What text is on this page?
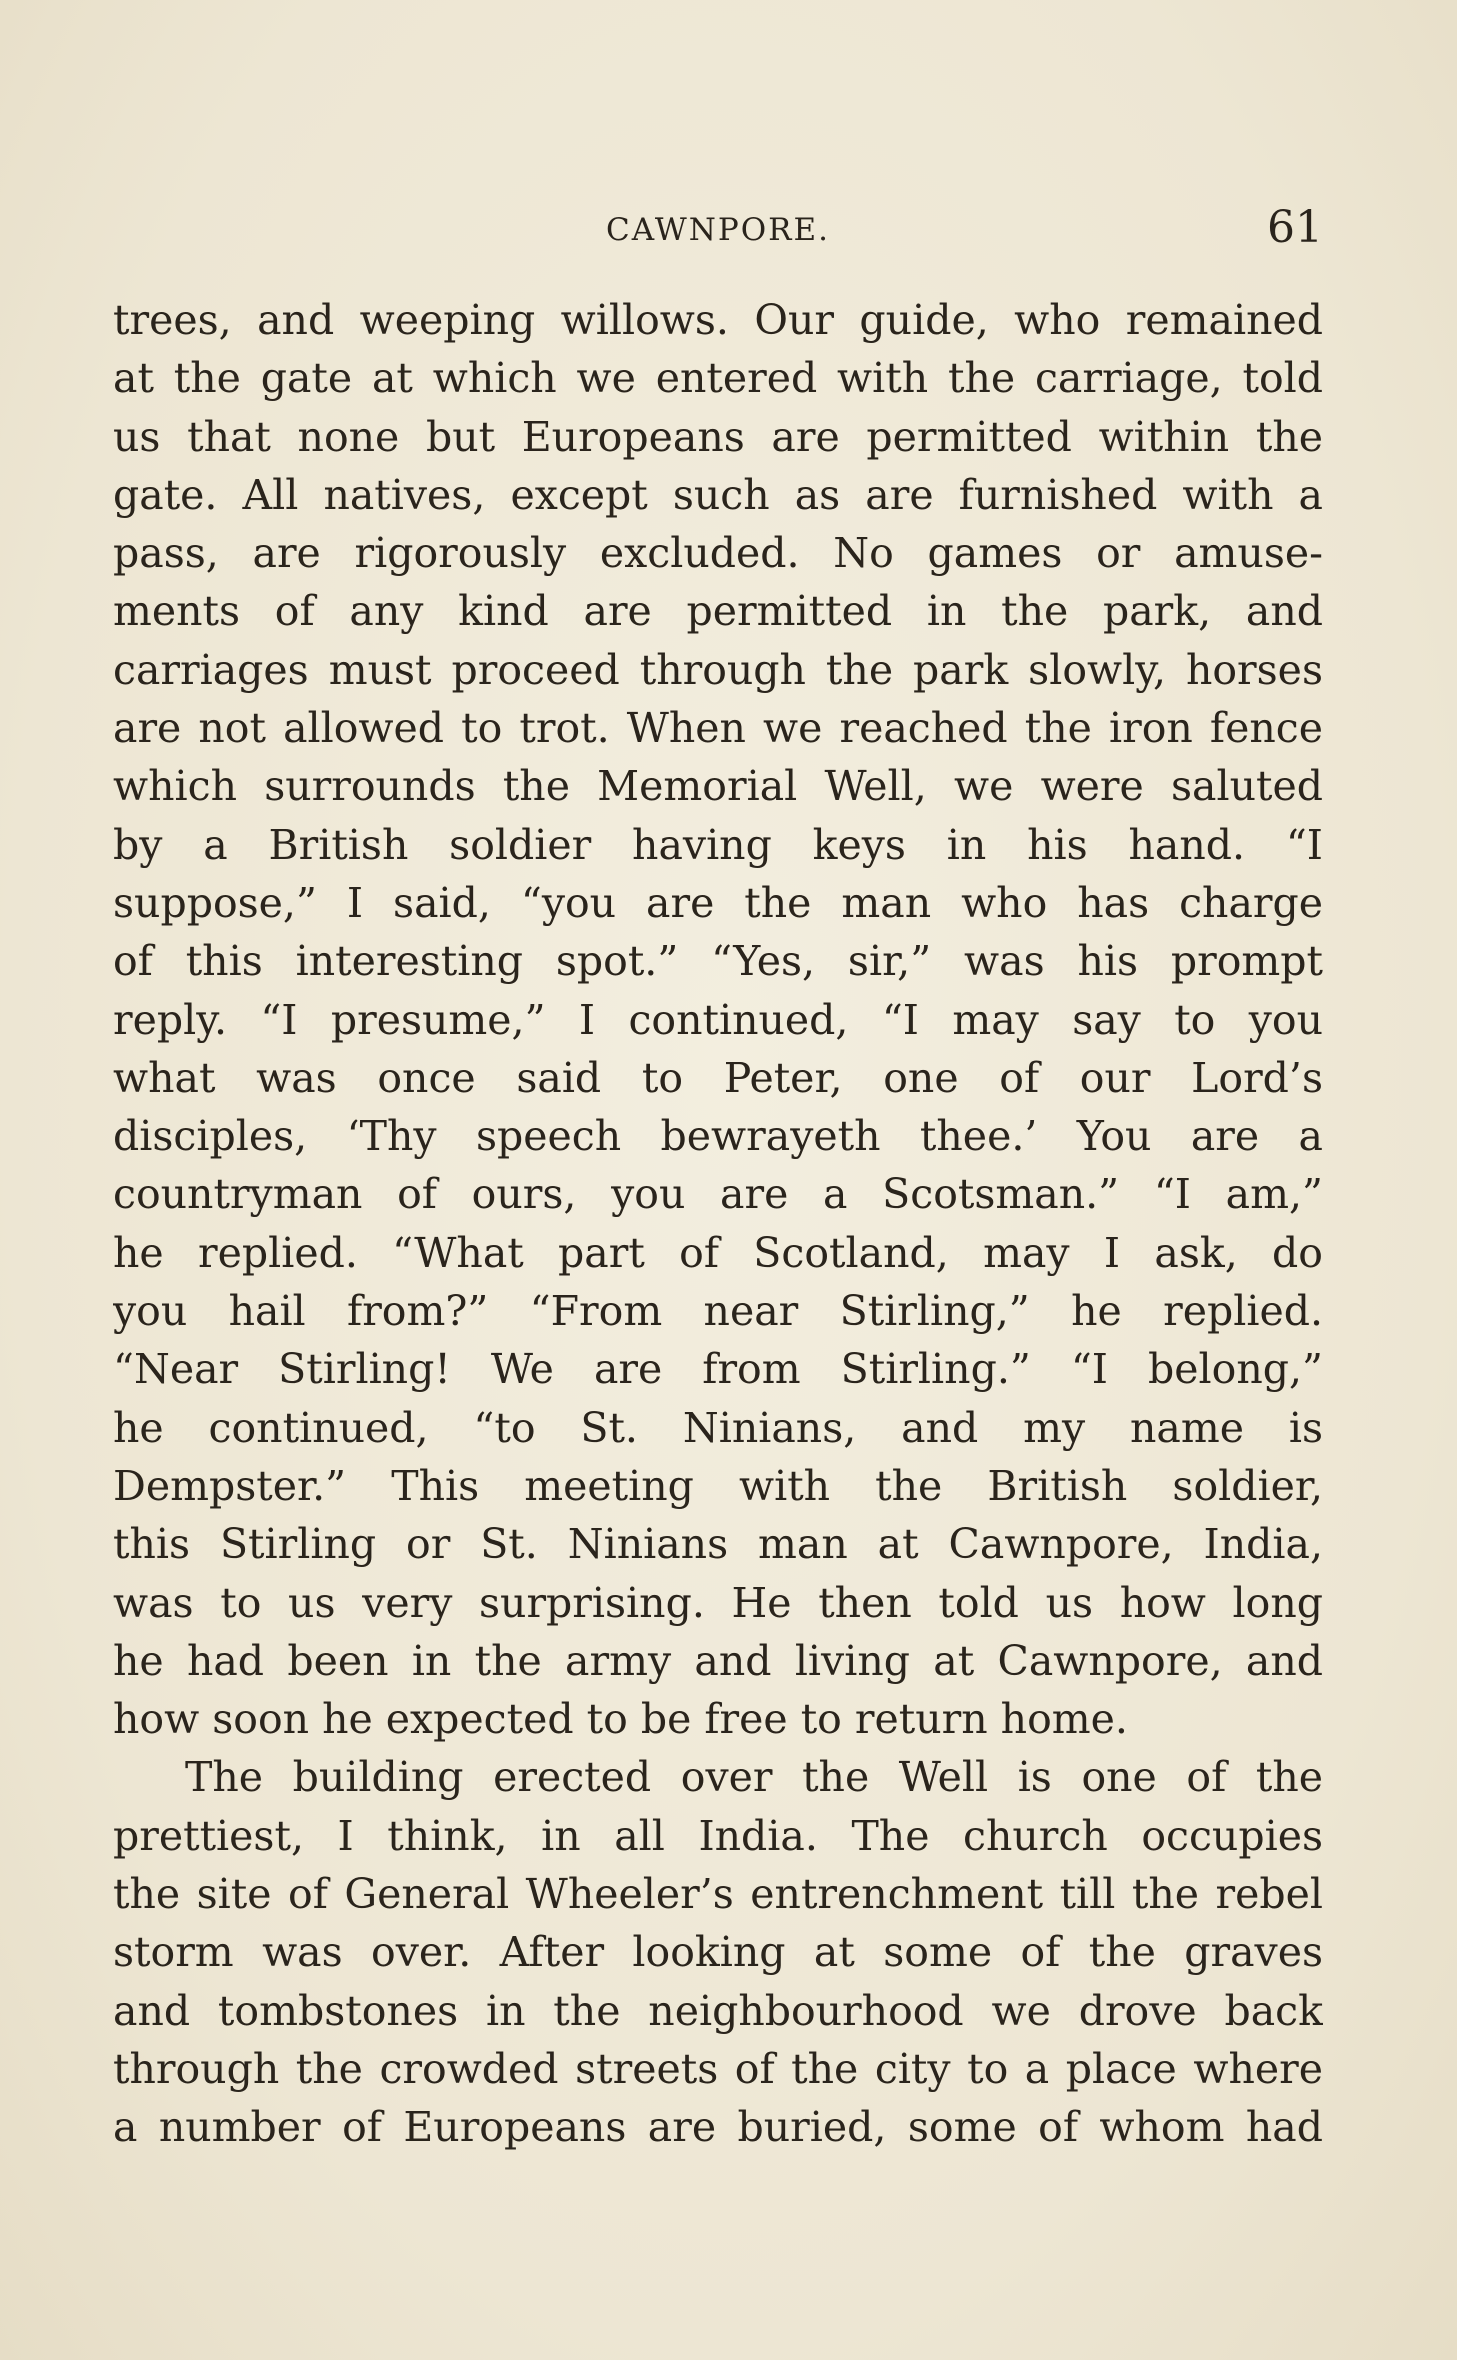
CAWNPORE.	61

trees, and weeping willows. Our guide, who remained
at the gate at which we entered with the carriage, told
us that none but Europeans are permitted within the
gate. All natives, except such as are furnished with a
pass, are rigorously excluded. No games or amuse-
ments of any kind are permitted in the park, and
carriages must proceed through the park slowly, horses
are not allowed to trot. When we reached the iron fence
which surrounds the Memorial Well, we were saluted
by a British soldier having keys in his hand. “I
suppose,” I said, “you are the man who has charge
of this interesting spot.” “Yes, sir,” was his prompt
reply. “I presume,” I continued, “I may say to you
what was once said to Peter, one of our Lord’s
disciples, ‘Thy speech bewrayeth thee.’ You are a
countryman of ours, you are a Scotsman.” “I am,”
he replied. “What part of Scotland, may I ask, do
you hail from?” “From near Stirling,” he replied.
“Near Stirling! We are from Stirling.” “I belong,”
he continued, “to St. Ninians, and my name is
Dempster.” This meeting with the British soldier,
this Stirling or St. Ninians man at Cawnpore, India,
was to us very surprising. He then told us how long
he had been in the army and living at Cawnpore, and
how soon he expected to be free to return home.

The building erected over the Well is one of the
prettiest, I think, in all India. The church occupies
the site of General Wheeler’s entrenchment till the rebel
storm was over. After looking at some of the graves
and tombstones in the neighbourhood we drove back
through the crowded streets of the city to a place where
a number of Europeans are buried, some of whom had
